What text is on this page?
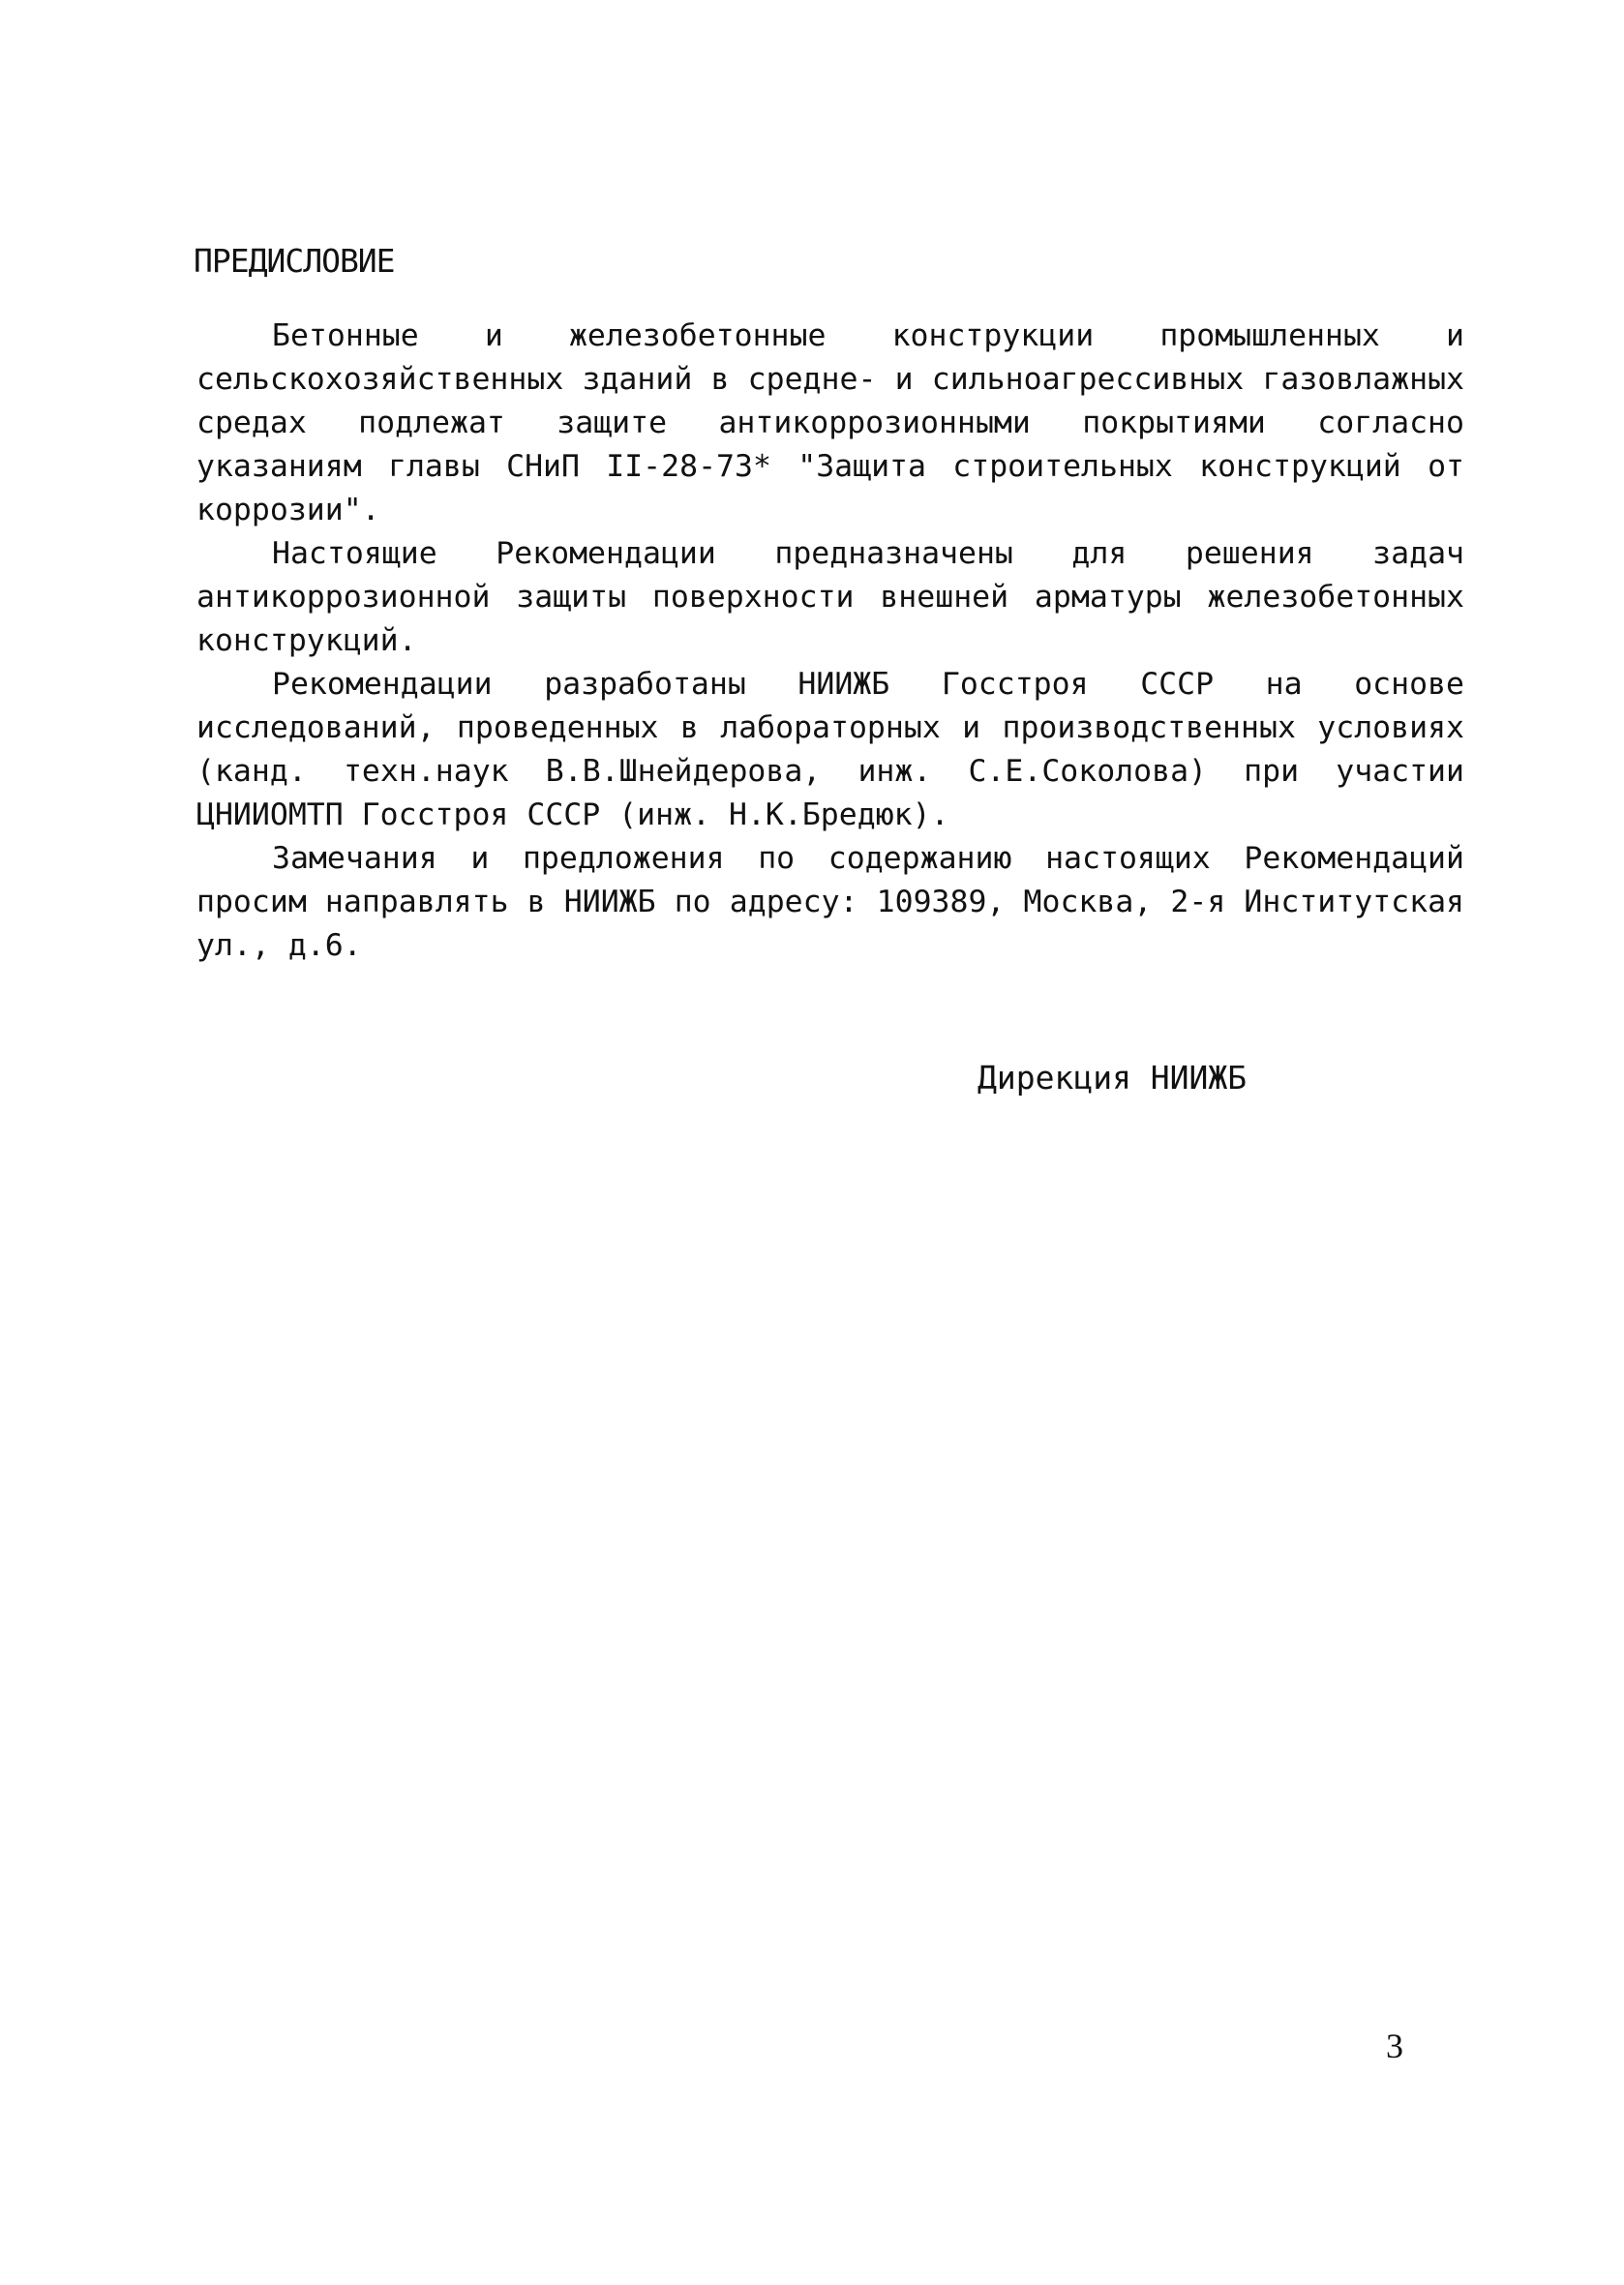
ПРЕДИСЛОВИЕ

Бетонные и железобетонные конструкции промышленных и сельскохозяйственных зданий в средне- и сильноагрессивных газовлажных средах подлежат защите антикоррозионными покрытиями согласно указаниям главы СНиП II-28-73* "Защита строительных конструкций от коррозии".

Настоящие Рекомендации предназначены для решения задач антикоррозионной защиты поверхности внешней арматуры железобетонных конструкций.

Рекомендации разработаны НИИЖБ Госстроя СССР на основе исследований, проведенных в лабораторных и производственных условиях (канд. техн.наук В.В.Шнейдерова, инж. С.Е.Соколова) при участии ЦНИИОМТП Госстроя СССР (инж. Н.К.Бредюк).

Замечания и предложения по содержанию настоящих Рекомендаций просим направлять в НИИЖБ по адресу: 109389, Москва, 2-я Институтская ул., д.6.

Дирекция НИИЖБ
3
